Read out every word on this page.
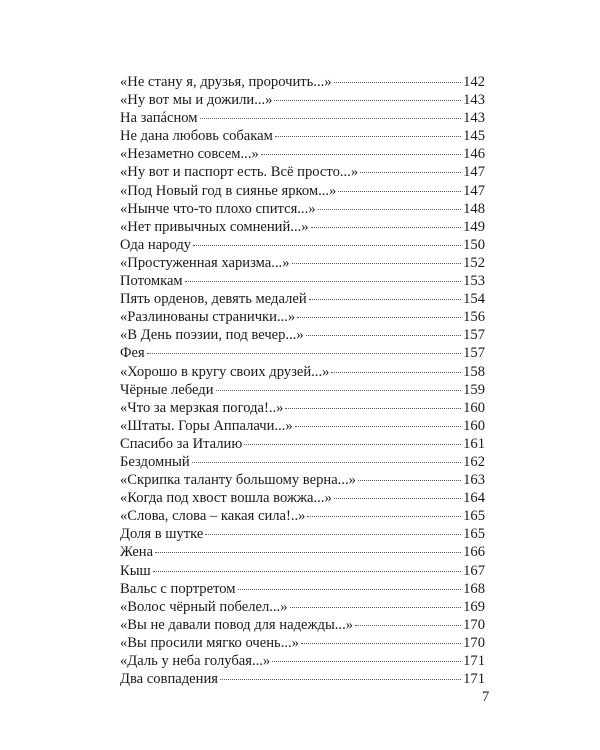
«Не стану я, друзья, пророчить...»	142
«Ну вот мы и дожили...»	143
На запáсном	143
Не дана любовь собакам	145
«Незаметно совсем...»	146
«Ну вот и паспорт есть. Всё просто...»	147
«Под Новый год в сиянье ярком...»	147
«Нынче что-то плохо спится...»	148
«Нет привычных сомнений...»	149
Ода народу	150
«Простуженная харизма...»	152
Потомкам	153
Пять орденов, девять медалей	154
«Разлинованы странички...»	156
«В День поэзии, под вечер...»	157
Фея	157
«Хорошо в кругу своих друзей...»	158
Чёрные лебеди	159
«Что за мерзкая погода!..»	160
«Штаты. Горы Аппалачи...»	160
Спасибо за Италию	161
Бездомный	162
«Скрипка таланту большому верна...»	163
«Когда под хвост вошла вожжа...»	164
«Слова, слова – какая сила!..»	165
Доля в шутке	165
Жена	166
Кыш	167
Вальс с портретом	168
«Волос чёрный побелел...»	169
«Вы не давали повод для надежды...»	170
«Вы просили мягко очень...»	170
«Даль у неба голубая...»	171
Два совпадения	171
7
